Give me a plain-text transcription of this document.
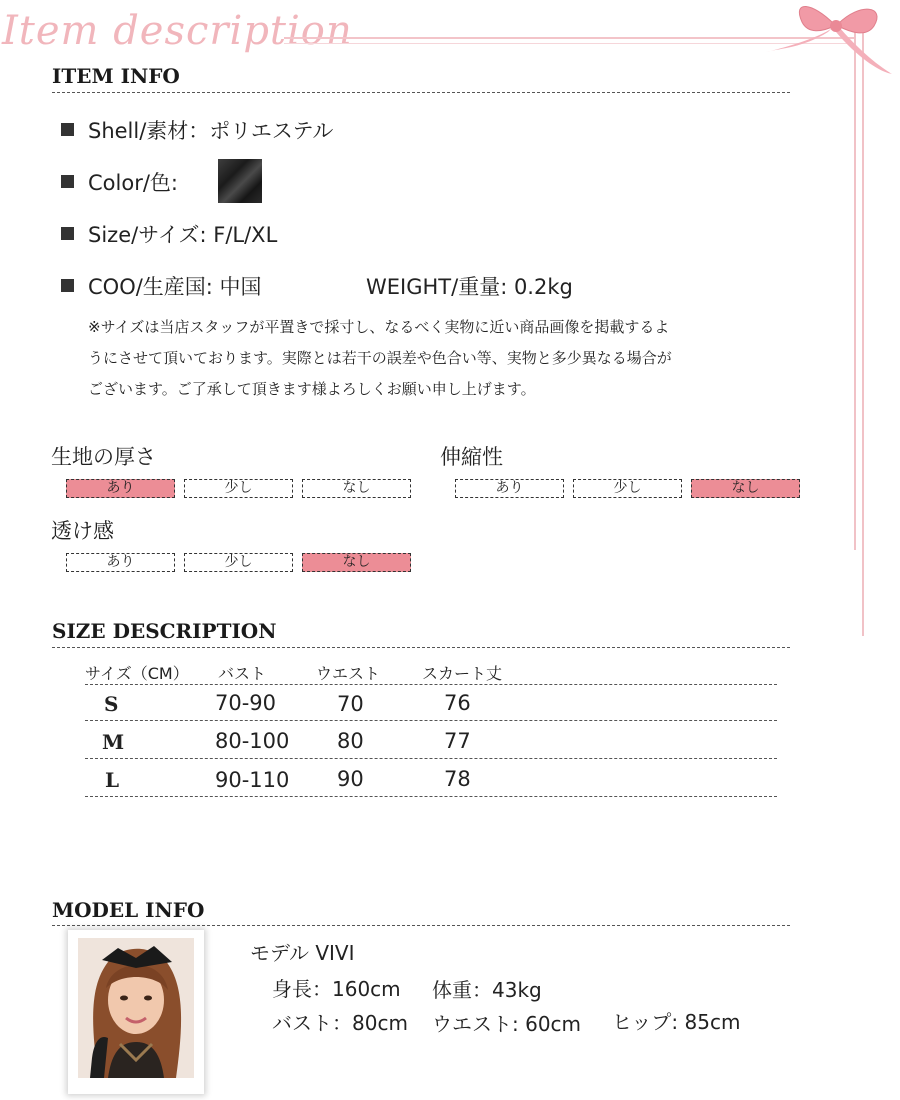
Item description
ITEM INFO
Shell/素材：ポリエステル
Color/色:
Size/サイズ: F/L/XL
COO/生産国: 中国	WEIGHT/重量: 0.2kg
※サイズは当店スタッフが平置きで採寸し、なるべく実物に近い商品画像を掲載するよ
うにさせて頂いております。実際とは若干の誤差や色合い等、実物と多少異なる場合が
ございます。ご了承して頂きます様よろしくお願い申し上げます。
生地の厚さ
あり	少し	なし
伸縮性
あり	少し	なし
透け感
あり	少し	なし
SIZE DESCRIPTION
サイズ（CM） バスト	ウエスト	スカート丈
S	70-90	70	76
M	80-100 80	77
L	90-110 90	78
MODEL INFO
モデル VIVI
身長：160cm 体重：43kg
バスト：80cm ウエスト: 60cm ヒップ: 85cm
